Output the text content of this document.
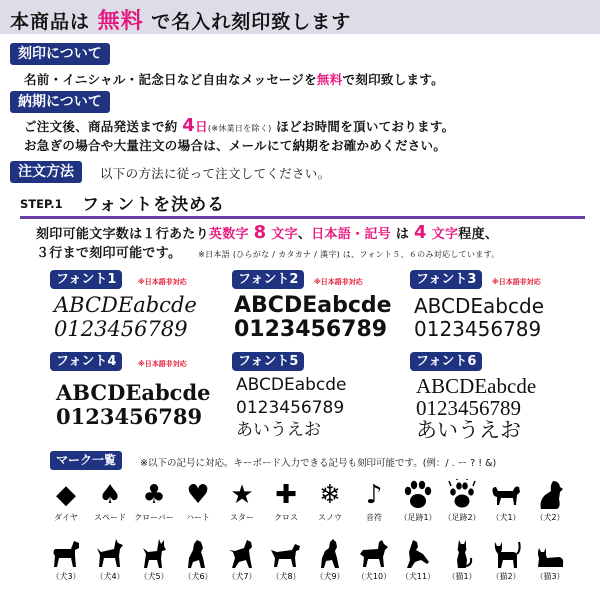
本商品は 無料 で名入れ刻印致します
刻印について
名前・イニシャル・記念日など自由なメッセージを無料で刻印致します。
納期について
ご注文後、商品発送まで約 4日(※休業日を除く) ほどお時間を頂いております。
お急ぎの場合や大量注文の場合は、メールにて納期をお確かめください。
注文方法	以下の方法に従って注文してください。
STEP.1 フォントを決める
刻印可能文字数は１行あたり英数字 8 文字、日本語・記号 は 4 文字程度、
３行まで刻印可能です。 ※日本語 (ひらがな / カタカナ / 漢字) は、フォント５、６のみ対応しています。
フォント1	※日本語非対応
ABCDEabcde
0123456789
フォント2	※日本語非対応
ABCDEabcde
0123456789
フォント3	※日本語非対応
ABCDEabcde
0123456789
フォント4	※日本語非対応
ABCDEabcde
0123456789
フォント5
ABCDEabcde
0123456789
あいうえお
フォント6
ABCDEabcde
0123456789
あいうえお
マーク一覧	※以下の記号に対応。キーボード入力できる記号も刻印可能です。(例：/ . ー ? ! &)
◆
ダイヤ
♠
スペード
♣
クローバー
♥
ハート
★
スター
✚
クロス
❄
スノウ
♪
音符	（足跡1） （足跡2）	（犬1）	（犬2）
（犬3）	（犬4）	（犬5）	（犬6）	（犬7）	（犬8）	（犬9）	（犬10）	（犬11）	（猫1）	（猫2）	（猫3）
